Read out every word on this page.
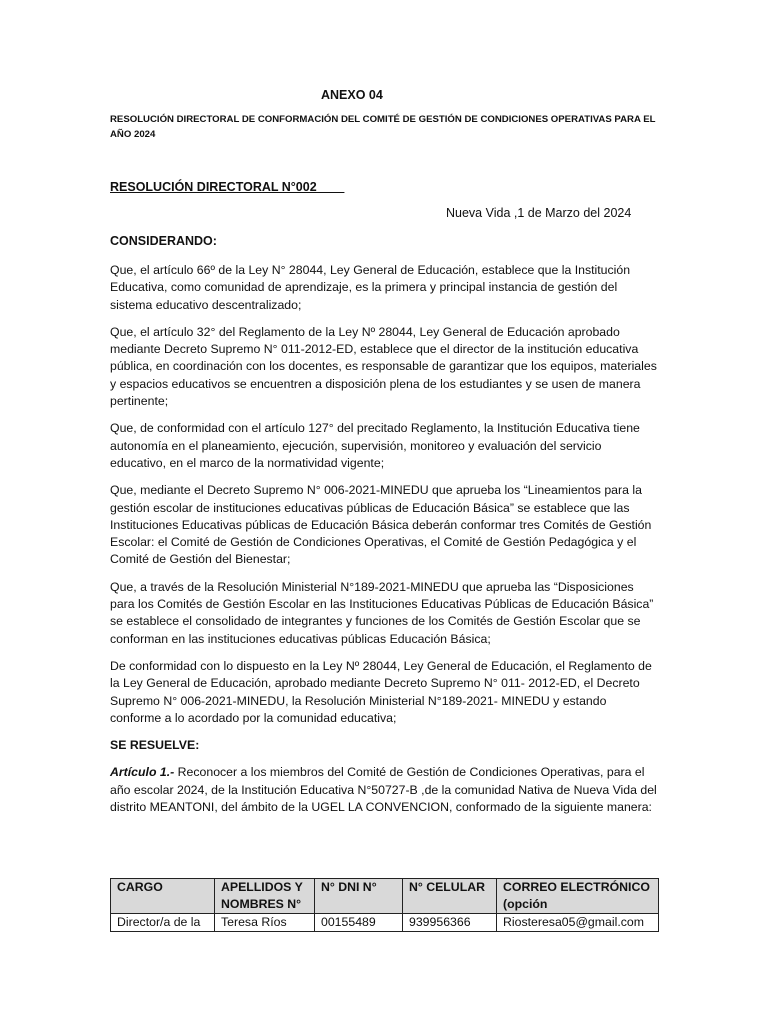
ANEXO 04

RESOLUCIÓN DIRECTORAL DE CONFORMACIÓN DEL COMITÉ DE GESTIÓN DE CONDICIONES OPERATIVAS PARA EL AÑO 2024

RESOLUCIÓN DIRECTORAL N°002

Nueva Vida ,1 de Marzo del 2024

CONSIDERANDO:

Que, el artículo 66º de la Ley N° 28044, Ley General de Educación, establece que la Institución Educativa, como comunidad de aprendizaje, es la primera y principal instancia de gestión del sistema educativo descentralizado;

Que, el artículo 32° del Reglamento de la Ley Nº 28044, Ley General de Educación aprobado mediante Decreto Supremo N° 011-2012-ED, establece que el director de la institución educativa pública, en coordinación con los docentes, es responsable de garantizar que los equipos, materiales y espacios educativos se encuentren a disposición plena de los estudiantes y se usen de manera pertinente;

Que, de conformidad con el artículo 127° del precitado Reglamento, la Institución Educativa tiene autonomía en el planeamiento, ejecución, supervisión, monitoreo y evaluación del servicio educativo, en el marco de la normatividad vigente;

Que, mediante el Decreto Supremo N° 006-2021-MINEDU que aprueba los “Lineamientos para la gestión escolar de instituciones educativas públicas de Educación Básica” se establece que las Instituciones Educativas públicas de Educación Básica deberán conformar tres Comités de Gestión Escolar: el Comité de Gestión de Condiciones Operativas, el Comité de Gestión Pedagógica y el Comité de Gestión del Bienestar;

Que, a través de la Resolución Ministerial N°189-2021-MINEDU que aprueba las “Disposiciones para los Comités de Gestión Escolar en las Instituciones Educativas Públicas de Educación Básica” se establece el consolidado de integrantes y funciones de los Comités de Gestión Escolar que se conforman en las instituciones educativas públicas Educación Básica;

De conformidad con lo dispuesto en la Ley Nº 28044, Ley General de Educación, el Reglamento de la Ley General de Educación, aprobado mediante Decreto Supremo N° 011- 2012-ED, el Decreto Supremo N° 006-2021-MINEDU, la Resolución Ministerial N°189-2021- MINEDU y estando conforme a lo acordado por la comunidad educativa;

SE RESUELVE:

Artículo 1.- Reconocer a los miembros del Comité de Gestión de Condiciones Operativas, para el año escolar 2024, de la Institución Educativa N°50727-B ,de la comunidad Nativa de Nueva Vida del distrito MEANTONI, del ámbito de la UGEL LA CONVENCION, conformado de la siguiente manera:

CARGO	APELLIDOS Y NOMBRES N°	N° DNI N°	N° CELULAR	CORREO ELECTRÓNICO (opción
Director/a de la	Teresa Ríos	00155489	939956366	Riosteresa05@gmail.com
